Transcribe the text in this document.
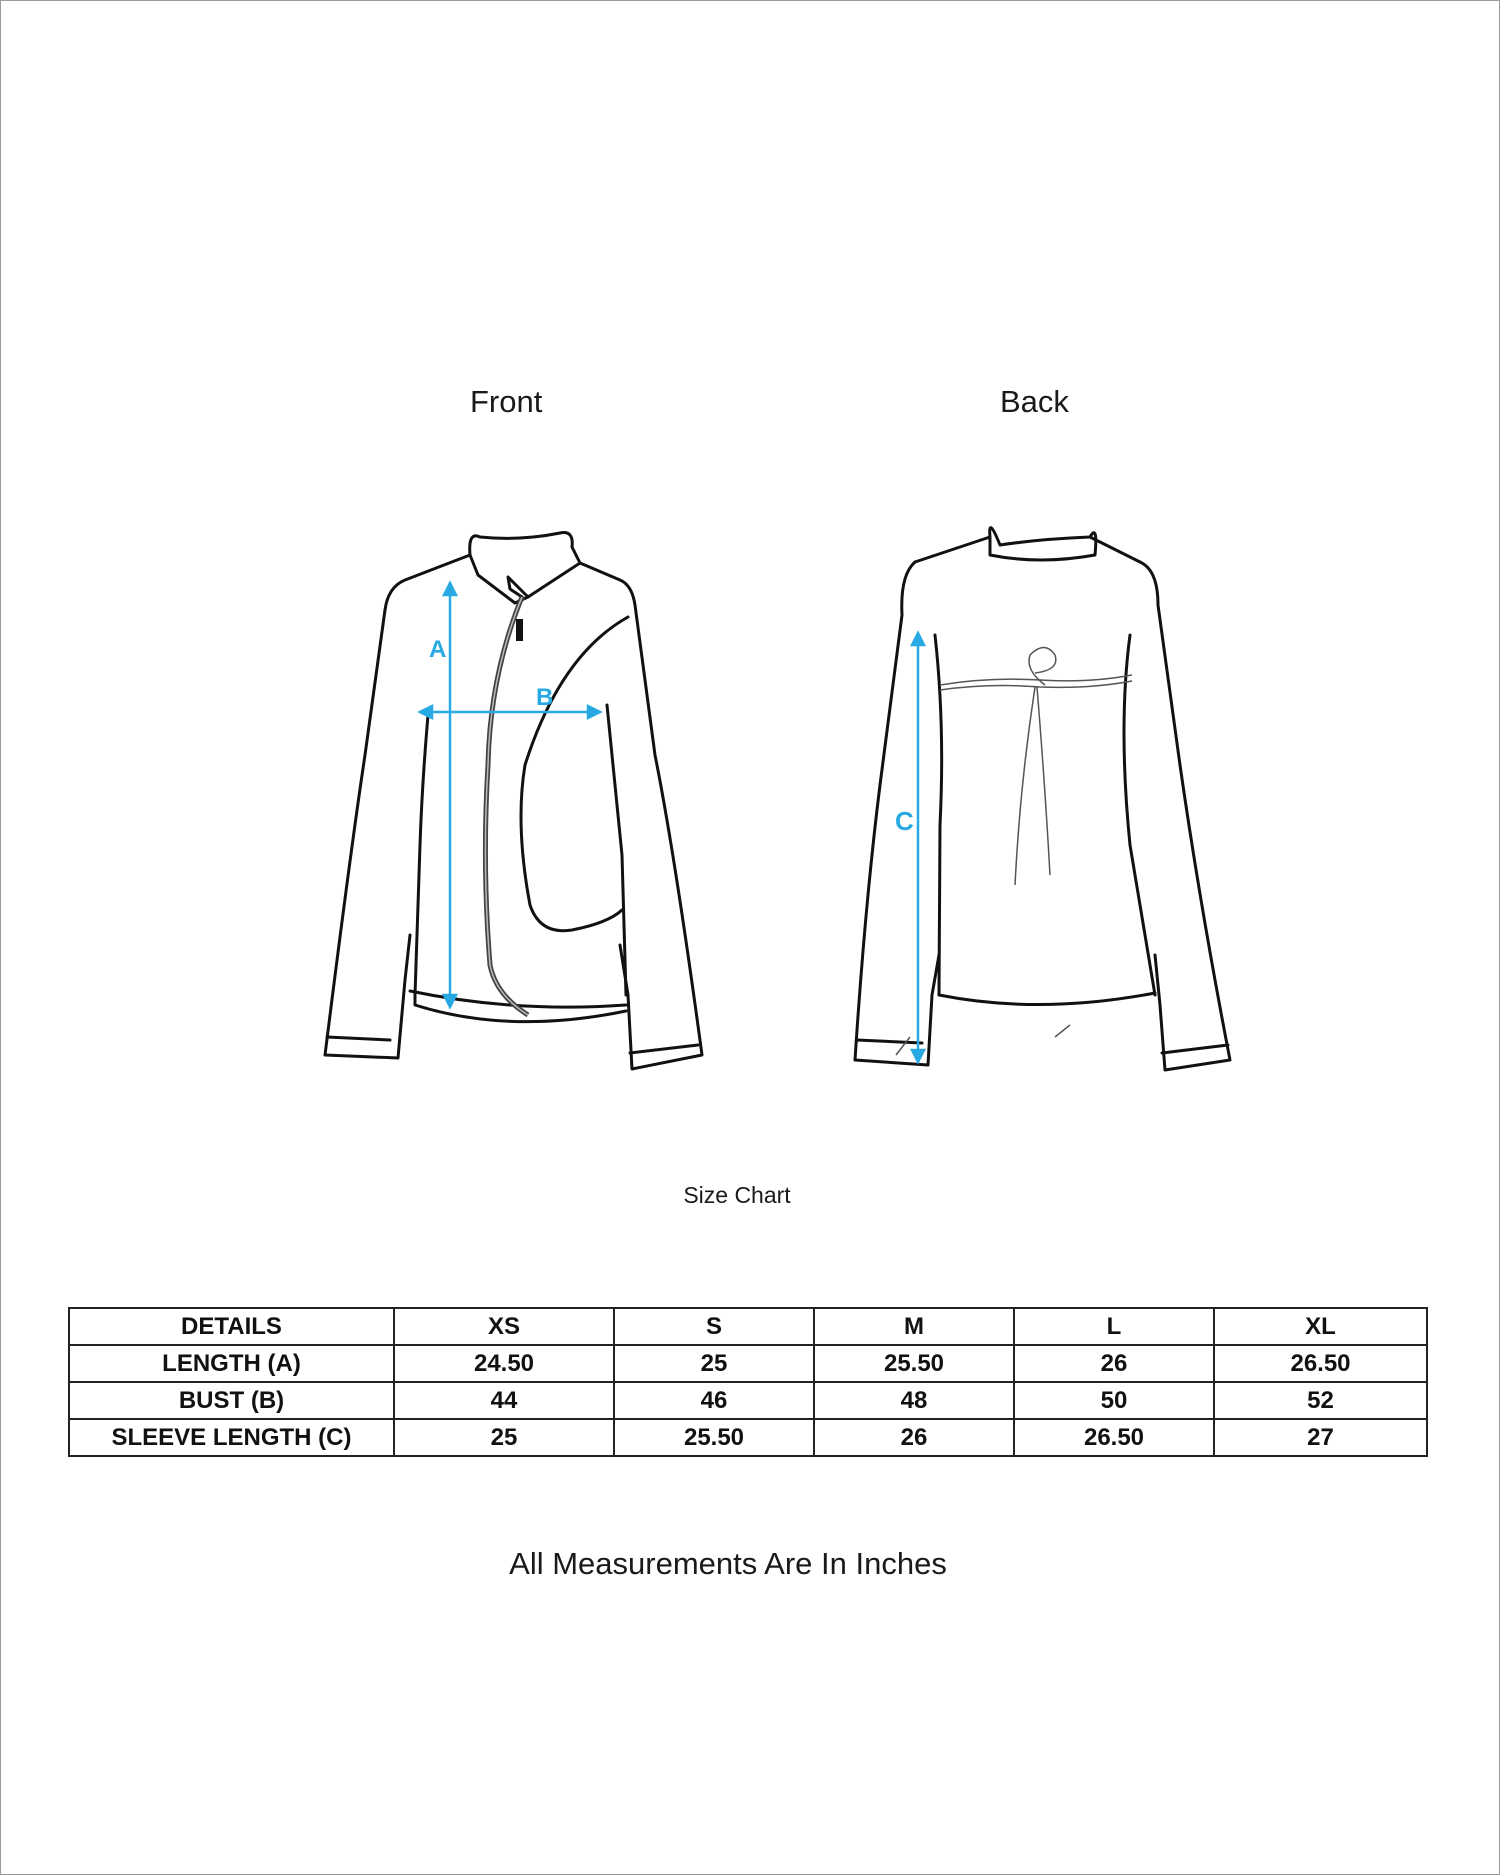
Front	Back
A
B
C
Size Chart
DETAILS	XS	S	M	L	XL
LENGTH (A)	24.50	25	25.50	26	26.50
BUST (B)	44	46	48	50	52
SLEEVE LENGTH (C)	25	25.50	26	26.50	27
All Measurements Are In Inches
